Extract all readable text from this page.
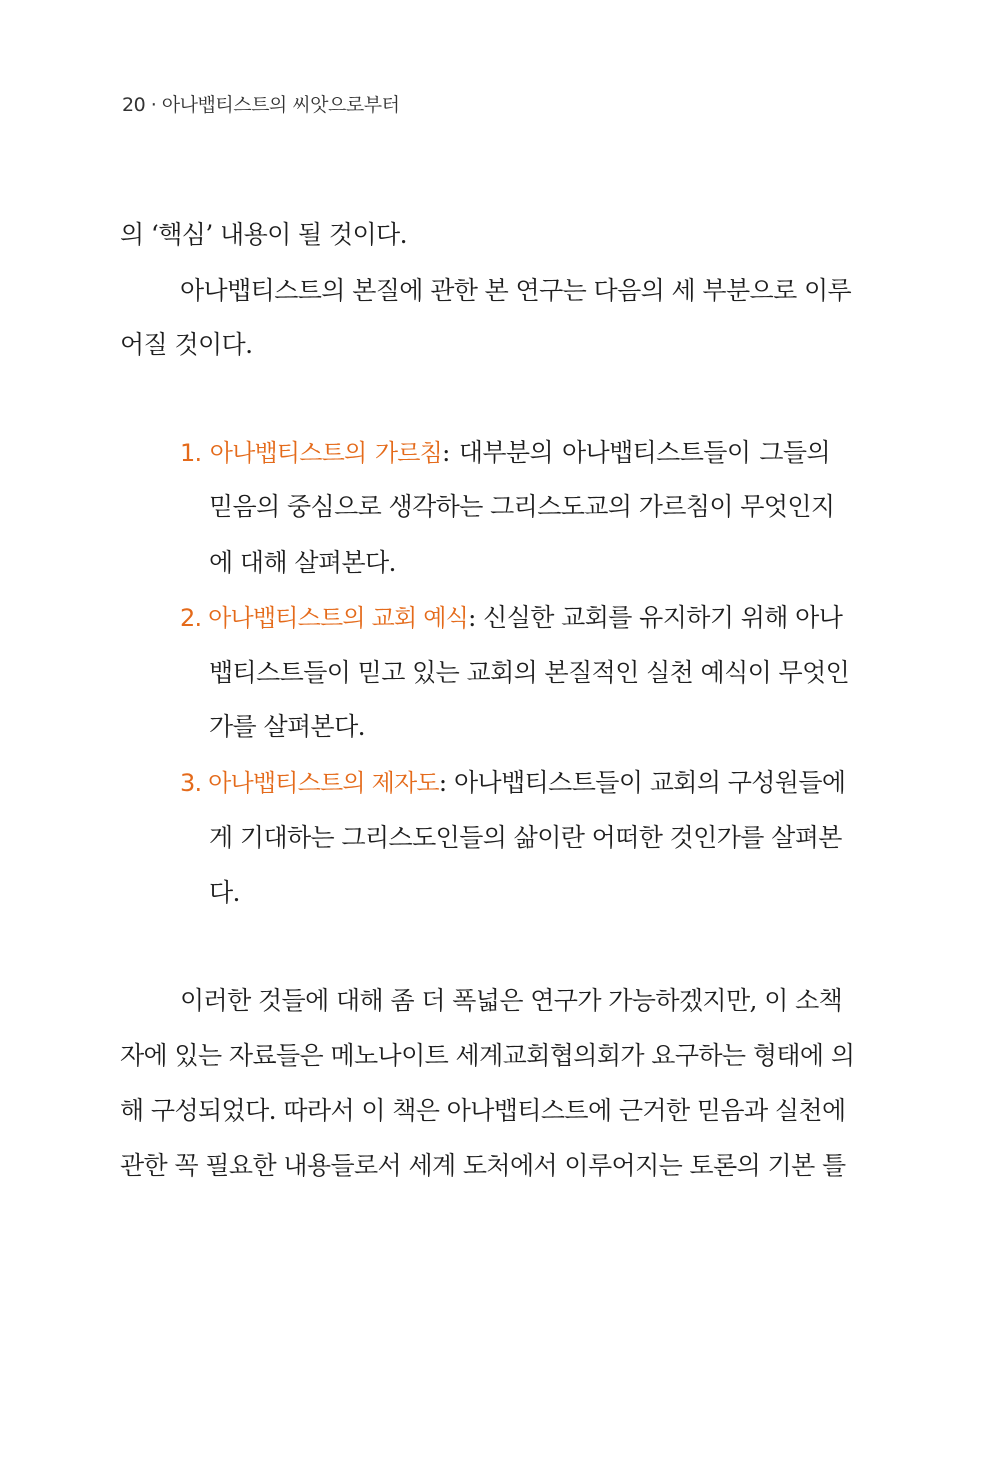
20 · 아나뱁티스트의 씨앗으로부터
의 ‘핵심’ 내용이 될 것이다.
아나뱁티스트의 본질에 관한 본 연구는 다음의 세 부분으로 이루
어질 것이다.
1. 아나뱁티스트의 가르침: 대부분의 아나뱁티스트들이 그들의
믿음의 중심으로 생각하는 그리스도교의 가르침이 무엇인지
에 대해 살펴본다.
2. 아나뱁티스트의 교회 예식: 신실한 교회를 유지하기 위해 아나
뱁티스트들이 믿고 있는 교회의 본질적인 실천 예식이 무엇인
가를 살펴본다.
3. 아나뱁티스트의 제자도: 아나뱁티스트들이 교회의 구성원들에
게 기대하는 그리스도인들의 삶이란 어떠한 것인가를 살펴본
다.
이러한 것들에 대해 좀 더 폭넓은 연구가 가능하겠지만, 이 소책
자에 있는 자료들은 메노나이트 세계교회협의회가 요구하는 형태에 의
해 구성되었다. 따라서 이 책은 아나뱁티스트에 근거한 믿음과 실천에
관한 꼭 필요한 내용들로서 세계 도처에서 이루어지는 토론의 기본 틀
